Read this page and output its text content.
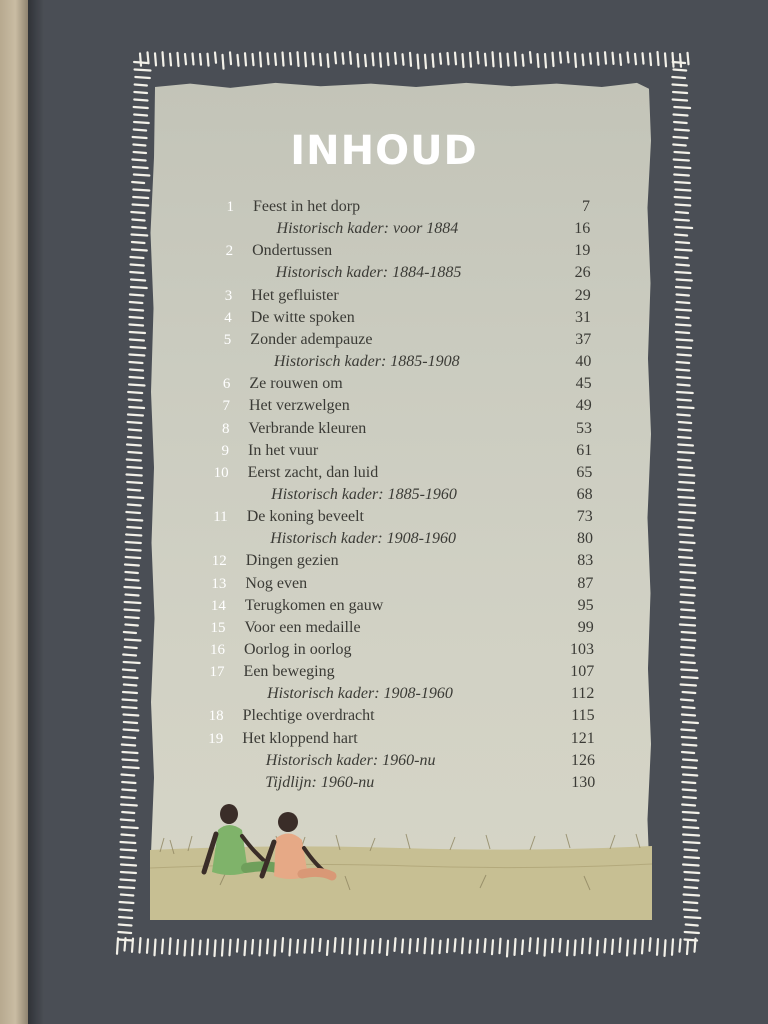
INHOUD
1 Feest in het dorp	7
Historisch kader: voor 1884	16
2 Ondertussen	19
Historisch kader: 1884-1885	26
3 Het gefluister	29
4 De witte spoken	31
5 Zonder adempauze	37
Historisch kader: 1885-1908	40
6 Ze rouwen om	45
7 Het verzwelgen	49
8 Verbrande kleuren	53
9 In het vuur	61
10 Eerst zacht, dan luid	65
Historisch kader: 1885-1960	68
11 De koning beveelt	73
Historisch kader: 1908-1960	80
12 Dingen gezien	83
13 Nog even	87
14 Terugkomen en gauw	95
15 Voor een medaille	99
16 Oorlog in oorlog	103
17 Een beweging	107
Historisch kader: 1908-1960	112
18 Plechtige overdracht	115
19 Het kloppend hart	121
Historisch kader: 1960-nu	126
Tijdlijn: 1960-nu	130
